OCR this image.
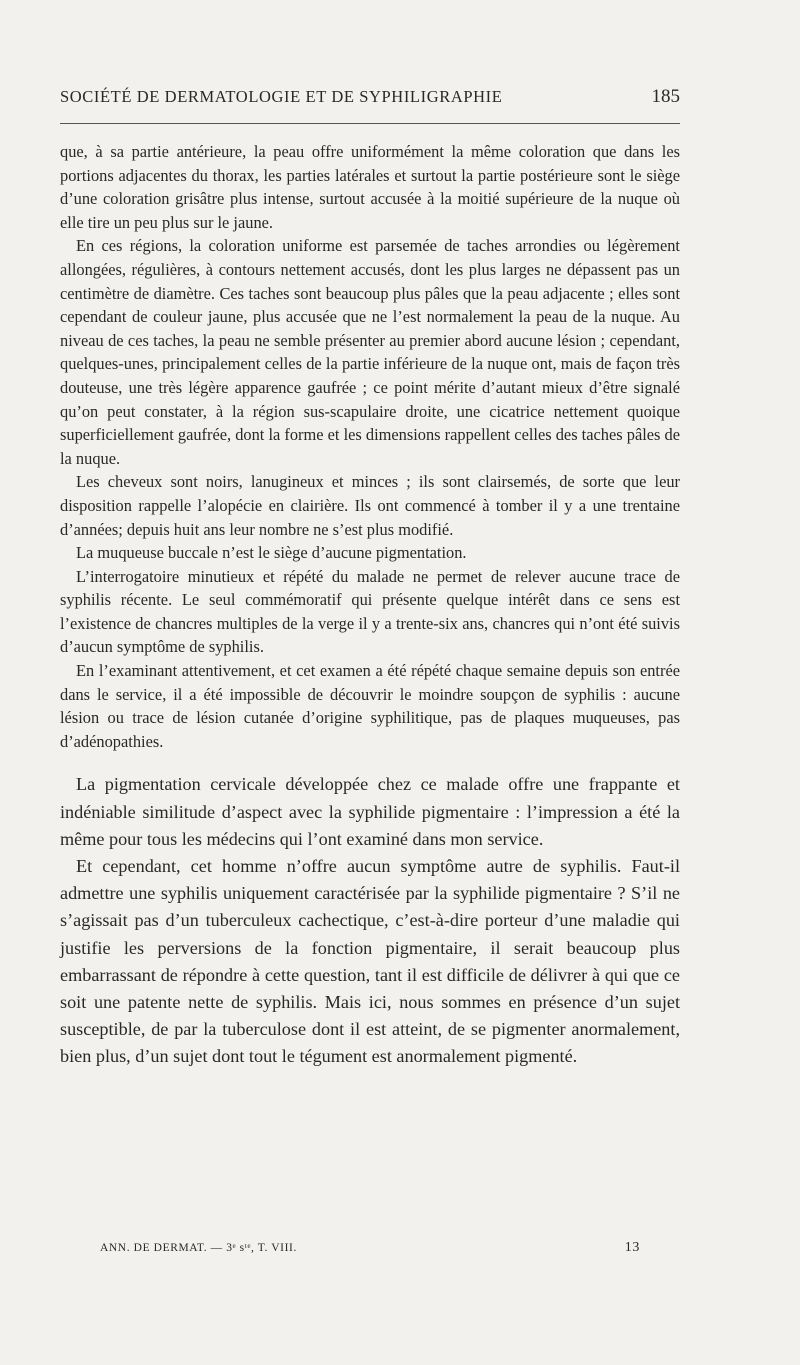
SOCIÉTÉ DE DERMATOLOGIE ET DE SYPHILIGRAPHIE	185

que, à sa partie antérieure, la peau offre uniformément la même coloration que dans les portions adjacentes du thorax, les parties latérales et surtout la partie postérieure sont le siège d’une coloration grisâtre plus intense, surtout accusée à la moitié supérieure de la nuque où elle tire un peu plus sur le jaune.

En ces régions, la coloration uniforme est parsemée de taches arrondies ou légèrement allongées, régulières, à contours nettement accusés, dont les plus larges ne dépassent pas un centimètre de diamètre. Ces taches sont beaucoup plus pâles que la peau adjacente ; elles sont cependant de couleur jaune, plus accusée que ne l’est normalement la peau de la nuque. Au niveau de ces taches, la peau ne semble présenter au premier abord aucune lésion ; cependant, quelques-unes, principalement celles de la partie inférieure de la nuque ont, mais de façon très douteuse, une très légère apparence gaufrée ; ce point mérite d’autant mieux d’être signalé qu’on peut constater, à la région sus-scapulaire droite, une cicatrice nettement quoique superficiellement gaufrée, dont la forme et les dimensions rappellent celles des taches pâles de la nuque.

Les cheveux sont noirs, lanugineux et minces ; ils sont clairsemés, de sorte que leur disposition rappelle l’alopécie en clairière. Ils ont commencé à tomber il y a une trentaine d’années; depuis huit ans leur nombre ne s’est plus modifié.

La muqueuse buccale n’est le siège d’aucune pigmentation.

L’interrogatoire minutieux et répété du malade ne permet de relever aucune trace de syphilis récente. Le seul commémoratif qui présente quelque intérêt dans ce sens est l’existence de chancres multiples de la verge il y a trente-six ans, chancres qui n’ont été suivis d’aucun symptôme de syphilis.

En l’examinant attentivement, et cet examen a été répété chaque semaine depuis son entrée dans le service, il a été impossible de découvrir le moindre soupçon de syphilis : aucune lésion ou trace de lésion cutanée d’origine syphilitique, pas de plaques muqueuses, pas d’adénopathies.

La pigmentation cervicale développée chez ce malade offre une frappante et indéniable similitude d’aspect avec la syphilide pigmentaire : l’impression a été la même pour tous les médecins qui l’ont examiné dans mon service.

Et cependant, cet homme n’offre aucun symptôme autre de syphilis. Faut-il admettre une syphilis uniquement caractérisée par la syphilide pigmentaire ? S’il ne s’agissait pas d’un tuberculeux cachectique, c’est-à-dire porteur d’une maladie qui justifie les perversions de la fonction pigmentaire, il serait beaucoup plus embarrassant de répondre à cette question, tant il est difficile de délivrer à qui que ce soit une patente nette de syphilis. Mais ici, nous sommes en présence d’un sujet susceptible, de par la tuberculose dont il est atteint, de se pigmenter anormalement, bien plus, d’un sujet dont tout le tégument est anormalement pigmenté.

ANN. DE DERMAT. — 3ᵉ sᵗᵉ, T. VIII.	13
